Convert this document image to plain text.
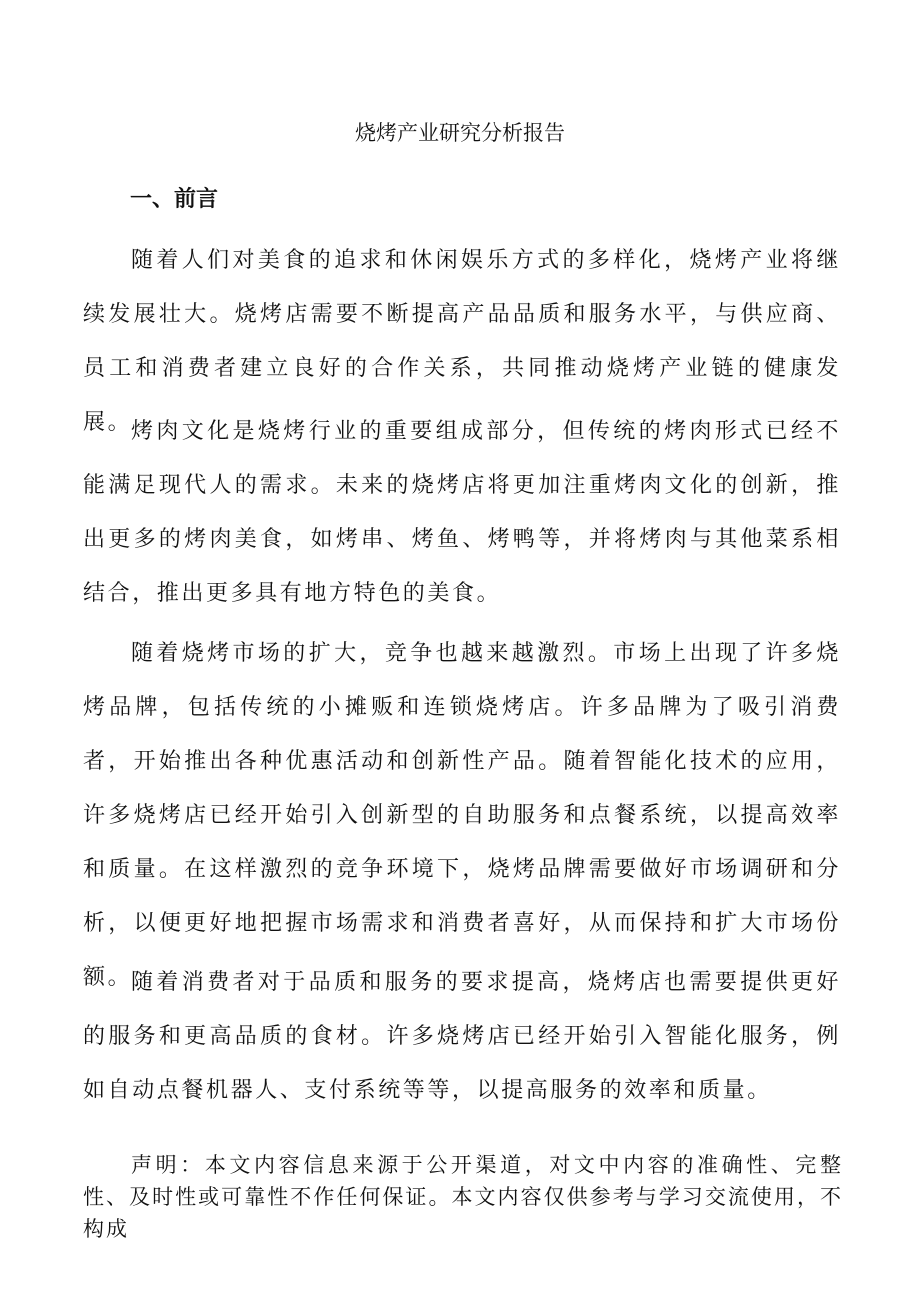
烧烤产业研究分析报告
一、前言

随着人们对美食的追求和休闲娱乐方式的多样化，烧烤产业将继续发展壮大。烧烤店需要不断提高产品品质和服务水平，与供应商、员工和消费者建立良好的合作关系，共同推动烧烤产业链的健康发展。

烤肉文化是烧烤行业的重要组成部分，但传统的烤肉形式已经不能满足现代人的需求。未来的烧烤店将更加注重烤肉文化的创新，推出更多的烤肉美食，如烤串、烤鱼、烤鸭等，并将烤肉与其他菜系相结合，推出更多具有地方特色的美食。

随着烧烤市场的扩大，竞争也越来越激烈。市场上出现了许多烧烤品牌，包括传统的小摊贩和连锁烧烤店。许多品牌为了吸引消费者，开始推出各种优惠活动和创新性产品。随着智能化技术的应用，许多烧烤店已经开始引入创新型的自助服务和点餐系统，以提高效率和质量。在这样激烈的竞争环境下，烧烤品牌需要做好市场调研和分析，以便更好地把握市场需求和消费者喜好，从而保持和扩大市场份额。

随着消费者对于品质和服务的要求提高，烧烤店也需要提供更好的服务和更高品质的食材。许多烧烤店已经开始引入智能化服务，例如自动点餐机器人、支付系统等等，以提高服务的效率和质量。

声明：本文内容信息来源于公开渠道，对文中内容的准确性、完整性、及时性或可靠性不作任何保证。本文内容仅供参考与学习交流使用，不构成
